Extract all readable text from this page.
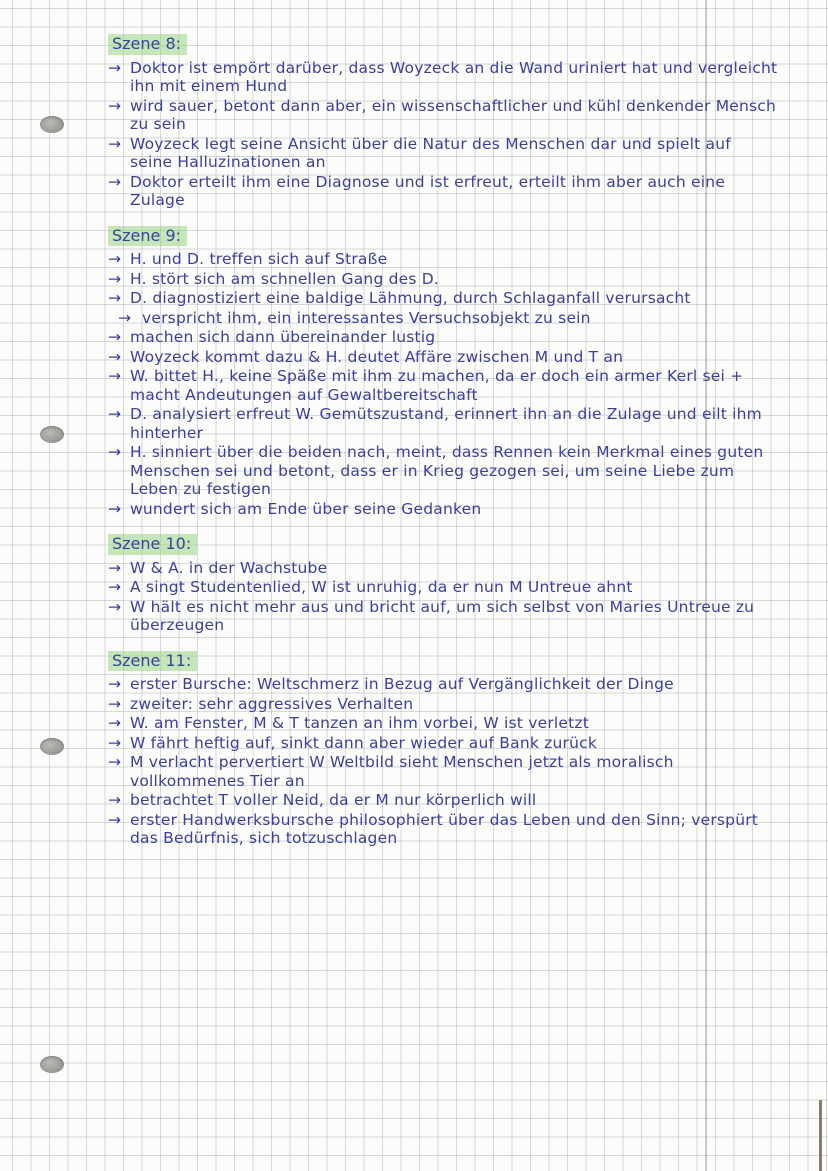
Szene 8:
→ Doktor ist empört darüber, dass Woyzeck an die Wand uriniert hat und vergleicht ihn mit einem Hund
→ wird sauer, betont dann aber, ein wissenschaftlicher und kühl denkender Mensch zu sein
→ Woyzeck legt seine Ansicht über die Natur des Menschen dar und spielt auf seine Halluzinationen an
→ Doktor erteilt ihm eine Diagnose und ist erfreut, erteilt ihm aber auch eine Zulage
Szene 9:
→ H. und D. treffen sich auf Straße
→ H. stört sich am schnellen Gang des D.
→ D. diagnostiziert eine baldige Lähmung, durch Schlaganfall verursacht
→ verspricht ihm, ein interessantes Versuchsobjekt zu sein
→ machen sich dann übereinander lustig
→ Woyzeck kommt dazu & H. deutet Affäre zwischen M und T an
→ W. bittet H., keine Späße mit ihm zu machen, da er doch ein armer Kerl sei + macht Andeutungen auf Gewaltbereitschaft
→ D. analysiert erfreut W. Gemütszustand, erinnert ihn an die Zulage und eilt ihm hinterher
→ H. sinniert über die beiden nach, meint, dass Rennen kein Merkmal eines guten Menschen sei und betont, dass er in Krieg gezogen sei, um seine Liebe zum Leben zu festigen
→ wundert sich am Ende über seine Gedanken
Szene 10:
→ W & A. in der Wachstube
→ A singt Studentenlied, W ist unruhig, da er nun M Untreue ahnt
→ W hält es nicht mehr aus und bricht auf, um sich selbst von Maries Untreue zu überzeugen
Szene 11:
→ erster Bursche: Weltschmerz in Bezug auf Vergänglichkeit der Dinge
→ zweiter: sehr aggressives Verhalten
→ W. am Fenster, M & T tanzen an ihm vorbei, W ist verletzt
→ W fährt heftig auf, sinkt dann aber wieder auf Bank zurück
→ M verlacht pervertiert W Weltbild sieht Menschen jetzt als moralisch vollkommenes Tier an
→ betrachtet T voller Neid, da er M nur körperlich will
→ erster Handwerksbursche philosophiert über das Leben und den Sinn; verspürt das Bedürfnis, sich totzuschlagen
